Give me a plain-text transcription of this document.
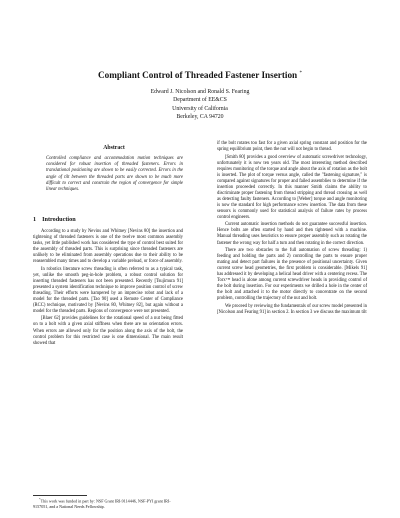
Compliant Control of Threaded Fastener Insertion *
Edward J. Nicolson and Ronald S. Fearing
Department of EE&CS
University of California
Berkeley, CA 94720
Abstract
Controlled compliance and accommodation motion techniques are considered for robust insertion of threaded fasteners. Errors in translational positioning are shown to be easily corrected. Errors in the angle of tilt between the threaded parts are shown to be much more difficult to correct and constrain the region of convergence for simple linear techniques.
1 Introduction

According to a study by Nevins and Whitney [Nevins 80] the insertion and tightening of threaded fasteners is one of the twelve most common assembly tasks, yet little published work has considered the type of control best suited for the assembly of threaded parts. This is surprising since threaded fasteners are unlikely to be eliminated from assembly operations due to their ability to be reassembled many times and to develop a variable preload, or force of assembly.

In robotics literature screw threading is often referred to as a typical task, yet, unlike the smooth peg-in-hole problem, a robust control solution for inserting threaded fasteners has not been presented. Recently [Tsujimura 91] presented a system identification technique to improve position control of screw threading. Their efforts were hampered by an imprecise robot and lack of a model for the threaded parts. [Tao 90] used a Remote Center of Compliance (RCC) technique, motivated by [Nevins 80, Whitney 82], but again without a model for the threaded parts. Regions of convergence were not presented.

[Blaer 62] provides guidelines for the rotational speed of a nut being fitted on to a bolt with a given axial stiffness when there are no orientation errors. When errors are allowed only for the position along the axis of the bolt, the control problem for this restricted case is one dimensional. The main result showed that

*This work was funded in part by: NSF Grant IRI-9114446, NSF-PYI grant IRI-9157051, and a National Needs Fellowship.

if the bolt rotates too fast for a given axial spring constant and position for the spring equilibrium point, then the nut will not begin to thread.

[Smith 80] provides a good overview of automatic screwdriver technology, unfortunately it is now ten years old. The most interesting method described requires monitoring of the torque and angle about the axis of rotation as the bolt is inserted. The plot of torque versus angle, called the "fastening signature," is compared against signatures for proper and failed assemblies to determine if the insertion proceeded correctly. In this manner Smith claims the ability to discriminate proper fastening from thread stripping and thread crossing as well as detecting faulty fasteners. According to [Weber] torque and angle monitoring is now the standard for high performance screw insertion. The data from these sensors is commonly used for statistical analysis of failure rates by process control engineers.

Current automatic insertion methods do not guarantee successful insertion. Hence bolts are often started by hand and then tightened with a machine. Manual threading uses heuristics to ensure proper assembly such as rotating the fastener the wrong way for half a turn and then rotating in the correct direction.

There are two obstacles to the full automation of screw threading: 1) feeding and holding the parts and 2) controlling the parts to ensure proper mating and detect part failures in the presence of positional uncertainty. Given current screw head geometries, the first problem is considerable. [Mikels 91] has addressed it by developing a helical head driver with a centering recess. The Torx™ head is alone among current screwdriver heads in providing control of the bolt during insertion. For our experiments we drilled a hole in the center of the bolt and attached it to the motor directly to concentrate on the second problem, controlling the trajectory of the nut and bolt.

We proceed by reviewing the fundamentals of our screw model presented in [Nicolson and Fearing 91] in section 2. In section 3 we discuss the maximum tilt
